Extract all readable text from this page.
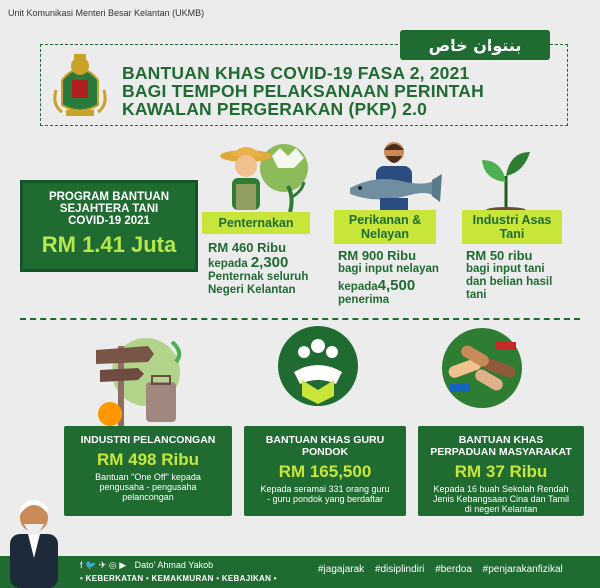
Unit Komunikasi Menteri Besar Kelantan (UKMB)
بنتوان خاص
BANTUAN KHAS COVID-19 FASA 2, 2021
BAGI TEMPOH PELAKSANAAN PERINTAH
KAWALAN PERGERAKAN (PKP) 2.0
PROGRAM BANTUAN
SEJAHTERA TANI
COVID-19 2021
RM 1.41 Juta
Penternakan
RM 460 Ribu
kepada 2,300
Penternak seluruh
Negeri Kelantan
Perikanan &
Nelayan
RM 900 Ribu
bagi input nelayan
kepada4,500
penerima
Industri Asas
Tani
RM 50 ribu
bagi input tani
dan belian hasil
tani
INDUSTRI PELANCONGAN
RM 498 Ribu
Bantuan "One Off" kepada
pengusaha - pengusaha
pelancongan
BANTUAN KHAS GURU
PONDOK
RM 165,500
Kepada seramai 331 orang guru
- guru pondok yang berdaftar
BANTUAN KHAS
PERPADUAN MASYARAKAT
RM 37 Ribu
Kepada 16 buah Sekolah Rendah
Jenis Kebangsaan Cina dan Tamil
di negeri Kelantan
f 🐦 ✈ ◎ ▶ Dato' Ahmad Yakob
• KEBERKATAN • KEMAKMURAN • KEBAJIKAN •
#jagajarak #disiplindiri #berdoa #penjarakanfizikal
